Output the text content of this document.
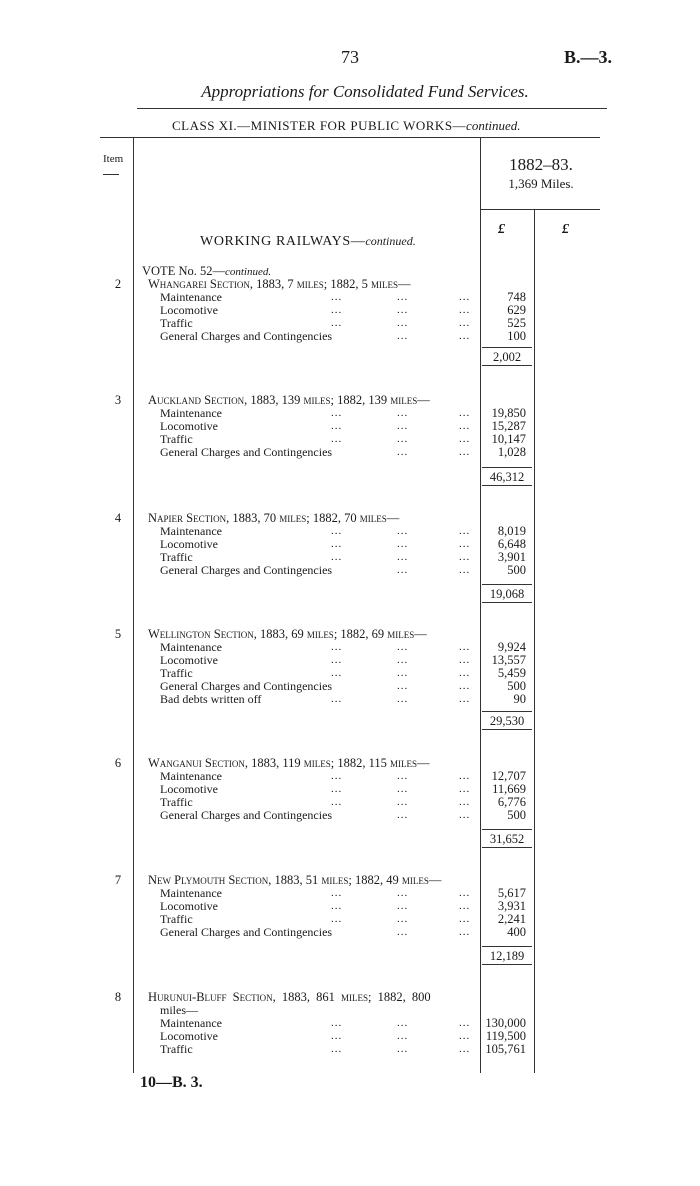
73	B.—3.
Appropriations for Consolidated Fund Services.
CLASS XI.—MINISTER FOR PUBLIC WORKS—continued.
Item	1882–83.
1,369 Miles.
£	£
WORKING RAILWAYS—continued.
VOTE No. 52—continued.
2	Whangarei Section, 1883, 7 miles; 1882, 5 miles—
Maintenance	...	...	...	748
Locomotive	...	...	...	629
Traffic	...	...	...	525
General Charges and Contingencies	...	...	100
2,002
3	Auckland Section, 1883, 139 miles; 1882, 139 miles—
Maintenance	...	...	...	19,850
Locomotive	...	...	...	15,287
Traffic	...	...	...	10,147
General Charges and Contingencies	...	...	1,028
46,312
4	Napier Section, 1883, 70 miles; 1882, 70 miles—
Maintenance	...	...	...	8,019
Locomotive	...	...	...	6,648
Traffic	...	...	...	3,901
General Charges and Contingencies	...	...	500
19,068
5	Wellington Section, 1883, 69 miles; 1882, 69 miles—
Maintenance	...	...	...	9,924
Locomotive	...	...	...	13,557
Traffic	...	...	...	5,459
General Charges and Contingencies	...	...	500
Bad debts written off	...	...	...	90
29,530
6	Wanganui Section, 1883, 119 miles; 1882, 115 miles—
Maintenance	...	...	...	12,707
Locomotive	...	...	...	11,669
Traffic	...	...	...	6,776
General Charges and Contingencies	...	...	500
31,652
7	New Plymouth Section, 1883, 51 miles; 1882, 49 miles—
Maintenance	...	...	...	5,617
Locomotive	...	...	...	3,931
Traffic	...	...	...	2,241
General Charges and Contingencies	...	...	400
12,189
8	Hurunui-Bluff Section, 1883, 861 miles; 1882, 800
miles—
Maintenance	...	...	... 130,000
Locomotive	...	...	...	119,500
Traffic	...	...	... 105,761
10—B. 3.
